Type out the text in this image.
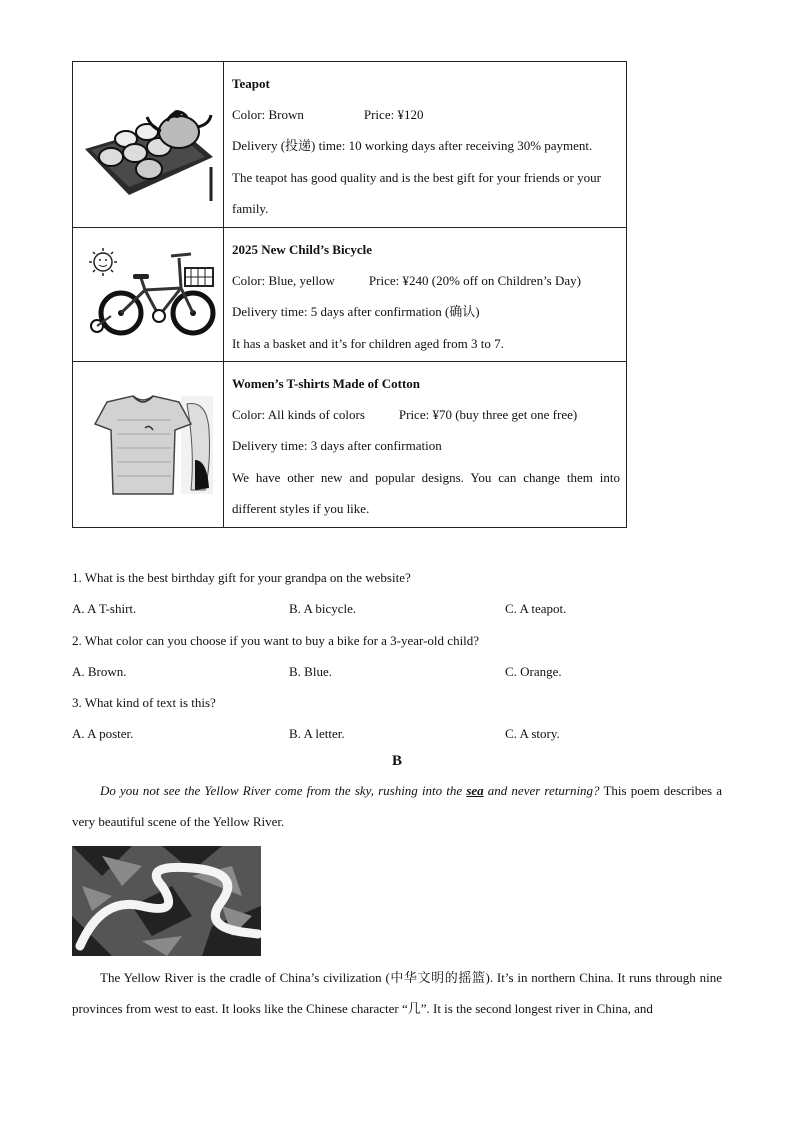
Teapot

Color: Brown Price: ¥120

Delivery (投递) time: 10 working days after receiving 30% payment.

The teapot has good quality and is the best gift for your friends or your family.

2025 New Child’s Bicycle

Color: Blue, yellow Price: ¥240 (20% off on Children’s Day)

Delivery time: 5 days after confirmation (确认)

It has a basket and it’s for children aged from 3 to 7.

Women’s T-shirts Made of Cotton

Color: All kinds of colors Price: ¥70 (buy three get one free)

Delivery time: 3 days after confirmation

We have other new and popular designs. You can change them into different styles if you like.

1. What is the best birthday gift for your grandpa on the website?
A. A T-shirt.	B. A bicycle.	C. A teapot.
2. What color can you choose if you want to buy a bike for a 3-year-old child?
A. Brown.	B. Blue.	C. Orange.
3. What kind of text is this?
A. A poster.	B. A letter.	C. A story.
B
Do you not see the Yellow River come from the sky, rushing into the sea and never returning? This poem describes a very beautiful scene of the Yellow River.
The Yellow River is the cradle of China’s civilization (中华文明的摇篮). It’s in northern China. It runs through nine provinces from west to east. It looks like the Chinese character “几”. It is the second longest river in China, and
